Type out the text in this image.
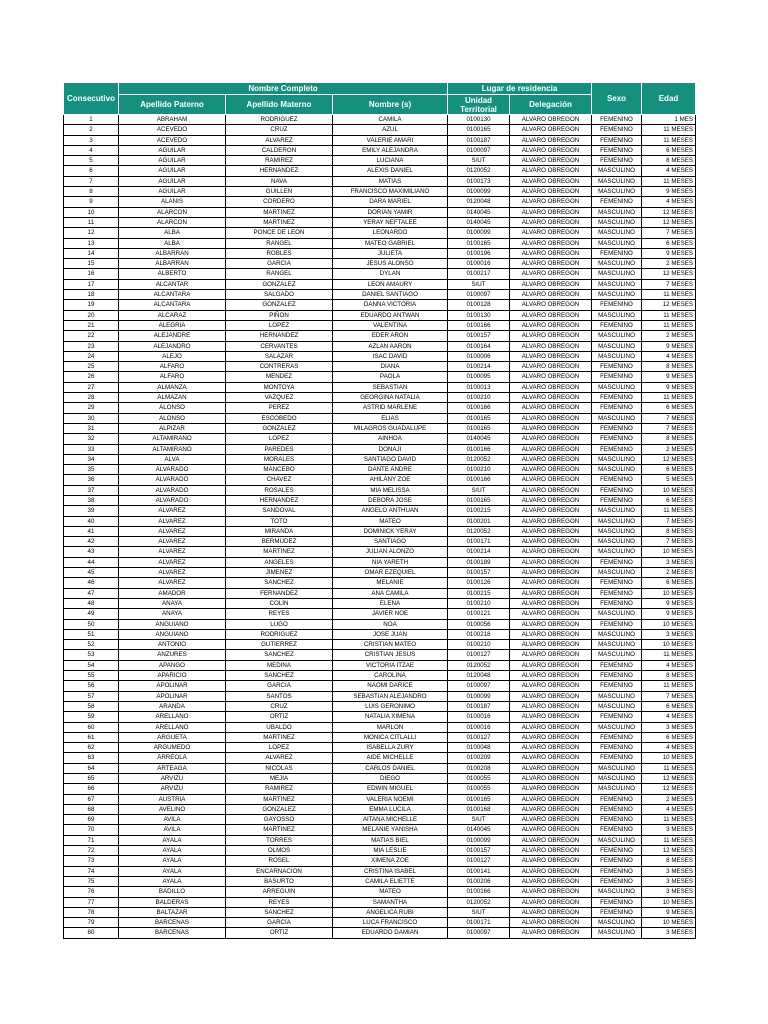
Consecutivo	Nombre Completo			Lugar de residencia		Sexo	Edad
	Apellido Paterno	Apellido Materno	Nombre (s)	Unidad Territorial	Delegación		
1	ABRAHAM	RODRIGUEZ	CAMILA	0100130	ALVARO OBREGON	FEMENINO	1 MES
2	ACEVEDO	CRUZ	AZUL	0100165	ALVARO OBREGON	FEMENINO	11 MESES
3	ACEVEDO	ALVAREZ	VALERIE AMARI	0100187	ALVARO OBREGON	FEMENINO	11 MESES
4	AGUILAR	CALDERON	EMILY ALEJANDRA	0100097	ALVARO OBREGON	FEMENINO	6 MESES
5	AGUILAR	RAMIREZ	LUCIANA	S/UT	ALVARO OBREGON	FEMENINO	8 MESES
6	AGUILAR	HERNANDEZ	ALEXIS DANIEL	0120052	ALVARO OBREGON	MASCULINO	4 MESES
7	AGUILAR	NAVA	MATIAS	0100173	ALVARO OBREGON	MASCULINO	11 MESES
8	AGUILAR	GUILLEN	FRANCISCO MAXIMILIANO	0100099	ALVARO OBREGON	MASCULINO	9 MESES
9	ALANIS	CORDERO	DARA MARIEL	0120048	ALVARO OBREGON	FEMENINO	4 MESES
10	ALARCON	MARTINEZ	DORIAN YAMIR	0140045	ALVARO OBREGON	MASCULINO	12 MESES
11	ALARCON	MARTINEZ	YERAY NEFTALEE	0140045	ALVARO OBREGON	MASCULINO	12 MESES
12	ALBA	PONCE DE LEON	LEONARDO	0100099	ALVARO OBREGON	MASCULINO	7 MESES
13	ALBA	RANGEL	MATEO GABRIEL	0100165	ALVARO OBREGON	MASCULINO	6 MESES
14	ALBARRAN	ROBLES	JULIETA	0100196	ALVARO OBREGON	FEMENINO	9 MESES
15	ALBARRAN	GARCIA	JESUS ALONSO	0100016	ALVARO OBREGON	MASCULINO	2 MESES
16	ALBERTO	RANGEL	DYLAN	0100217	ALVARO OBREGON	MASCULINO	12 MESES
17	ALCANTAR	GONZALEZ	LEON AMAURY	S/UT	ALVARO OBREGON	MASCULINO	7 MESES
18	ALCANTARA	SALGADO	DANIEL SANTIAGO	0100097	ALVARO OBREGON	MASCULINO	11 MESES
19	ALCANTARA	GONZALEZ	DANNA VICTORIA	0100128	ALVARO OBREGON	FEMENINO	12 MESES
20	ALCARAZ	PIÑON	EDUARDO ANTWAN	0100130	ALVARO OBREGON	MASCULINO	11 MESES
21	ALEGRIA	LOPEZ	VALENTINA	0100166	ALVARO OBREGON	FEMENINO	11 MESES
22	ALEJANDRE	HERNANDEZ	EDER ARON	0100157	ALVARO OBREGON	MASCULINO	2 MESES
23	ALEJANDRO	CERVANTES	AZLAN AARON	0100164	ALVARO OBREGON	MASCULINO	9 MESES
24	ALEJO	SALAZAR	ISAC DAVID	0100006	ALVARO OBREGON	MASCULINO	4 MESES
25	ALFARO	CONTRERAS	DIANA	0100214	ALVARO OBREGON	FEMENINO	8 MESES
26	ALFARO	MENDEZ	PAOLA	0100095	ALVARO OBREGON	FEMENINO	9 MESES
27	ALMANZA	MONTOYA	SEBASTIAN	0100013	ALVARO OBREGON	MASCULINO	9 MESES
28	ALMAZAN	VAZQUEZ	GEORGINA NATALIA	0100210	ALVARO OBREGON	FEMENINO	11 MESES
29	ALONSO	PEREZ	ASTRID MARLENE	0100166	ALVARO OBREGON	FEMENINO	6 MESES
30	ALONSO	ESCOBEDO	ELIAS	0100165	ALVARO OBREGON	MASCULINO	7 MESES
31	ALPIZAR	GONZALEZ	MILAGROS GUADALUPE	0100165	ALVARO OBREGON	FEMENINO	7 MESES
32	ALTAMIRANO	LOPEZ	AINHOA	0140045	ALVARO OBREGON	FEMENINO	8 MESES
33	ALTAMIRANO	PAREDES	DONAJI	0100166	ALVARO OBREGON	FEMENINO	2 MESES
34	ALVA	MORALES	SANTIAGO DAVID	0120052	ALVARO OBREGON	MASCULINO	12 MESES
35	ALVARADO	MANCEBO	DANTE ANDRE	0100210	ALVARO OBREGON	MASCULINO	6 MESES
36	ALVARADO	CHAVEZ	AHILANY ZOE	0100166	ALVARO OBREGON	FEMENINO	5 MESES
37	ALVARADO	ROSALES	MIA MELISSA	S/UT	ALVARO OBREGON	FEMENINO	10 MESES
38	ALVARADO	HERNANDEZ	DEBORA JOSE	0100165	ALVARO OBREGON	FEMENINO	6 MESES
39	ALVAREZ	SANDOVAL	ANGELO ANTHUAN	0100215	ALVARO OBREGON	MASCULINO	11 MESES
40	ALVAREZ	TOTO	MATEO	0100201	ALVARO OBREGON	MASCULINO	7 MESES
41	ALVAREZ	MIRANDA	DOMINICK YERAY	0120052	ALVARO OBREGON	MASCULINO	8 MESES
42	ALVAREZ	BERMUDEZ	SANTIAGO	0100171	ALVARO OBREGON	MASCULINO	7 MESES
43	ALVAREZ	MARTINEZ	JULIAN ALONZO	0100214	ALVARO OBREGON	MASCULINO	10 MESES
44	ALVAREZ	ANGELES	NIA YARETH	0100189	ALVARO OBREGON	FEMENINO	3 MESES
45	ALVAREZ	JIMENEZ	OMAR EZEQUIEL	0100157	ALVARO OBREGON	MASCULINO	2 MESES
46	ALVAREZ	SANCHEZ	MELANIE	0100126	ALVARO OBREGON	FEMENINO	6 MESES
47	AMADOR	FERNANDEZ	ANA CAMILA	0100215	ALVARO OBREGON	FEMENINO	10 MESES
48	ANAYA	COLIN	ELENA	0100210	ALVARO OBREGON	FEMENINO	9 MESES
49	ANAYA	REYES	JAVIER NOE	0100121	ALVARO OBREGON	MASCULINO	9 MESES
50	ANGUIANO	LUGO	NOA	0100056	ALVARO OBREGON	FEMENINO	10 MESES
51	ANGUIANO	RODRIGUEZ	JOSE JUAN	0100218	ALVARO OBREGON	MASCULINO	3 MESES
52	ANTONIO	GUTIERREZ	CRISTIAN MATEO	0100210	ALVARO OBREGON	MASCULINO	10 MESES
53	ANZURES	SANCHEZ	CRISTIAN JESUS	0100127	ALVARO OBREGON	MASCULINO	11 MESES
54	APANGO	MEDINA	VICTORIA ITZAE	0120052	ALVARO OBREGON	FEMENINO	4 MESES
55	APARICIO	SANCHEZ	CAROLINA	0120048	ALVARO OBREGON	FEMENINO	8 MESES
56	APOLINAR	GARCIA	NAOMI DARICE	0100097	ALVARO OBREGON	FEMENINO	11 MESES
57	APOLINAR	SANTOS	SEBASTIAN ALEJANDRO	0100099	ALVARO OBREGON	MASCULINO	7 MESES
58	ARANDA	CRUZ	LUIS GERONIMO	0100187	ALVARO OBREGON	MASCULINO	6 MESES
59	ARELLANO	ORTIZ	NATALIA XIMENA	0100016	ALVARO OBREGON	FEMENINO	4 MESES
60	ARELLANO	UBALDO	MARLON	0100016	ALVARO OBREGON	MASCULINO	3 MESES
61	ARGUETA	MARTINEZ	MONICA CITLALLI	0100127	ALVARO OBREGON	FEMENINO	6 MESES
62	ARGUMEDO	LOPEZ	ISABELLA ZURY	0100048	ALVARO OBREGON	FEMENINO	4 MESES
63	ARREOLA	ALVAREZ	AIDE MICHELLE	0100209	ALVARO OBREGON	FEMENINO	10 MESES
64	ARTEAGA	NICOLAS	CARLOS DANIEL	0100208	ALVARO OBREGON	MASCULINO	11 MESES
65	ARVIZU	MEJIA	DIEGO	0100055	ALVARO OBREGON	MASCULINO	12 MESES
66	ARVIZU	RAMIREZ	EDWIN MIGUEL	0100055	ALVARO OBREGON	MASCULINO	12 MESES
67	AUSTRIA	MARTINEZ	VALERIA NOEMI	0100165	ALVARO OBREGON	FEMENINO	2 MESES
68	AVELINO	GONZALEZ	EMMA LUCILA	0100168	ALVARO OBREGON	FEMENINO	4 MESES
69	AVILA	GAYOSSO	AITANA MICHELLE	S/UT	ALVARO OBREGON	FEMENINO	11 MESES
70	AVILA	MARTINEZ	MELANIE YANISHA	0140045	ALVARO OBREGON	FEMENINO	3 MESES
71	AYALA	TORRES	MATIAS BIEL	0100099	ALVARO OBREGON	MASCULINO	11 MESES
72	AYALA	OLMOS	MIA LESLIE	0100157	ALVARO OBREGON	FEMENINO	12 MESES
73	AYALA	ROSEL	XIMENA ZOE	0100127	ALVARO OBREGON	FEMENINO	8 MESES
74	AYALA	ENCARNACION	CRISTINA ISABEL	0100141	ALVARO OBREGON	FEMENINO	3 MESES
75	AYALA	BASURTO	CAMILA ELIETTE	0100206	ALVARO OBREGON	FEMENINO	3 MESES
76	BADILLO	ARREGUIN	MATEO	0100166	ALVARO OBREGON	MASCULINO	3 MESES
77	BALDERAS	REYES	SAMANTHA	0120052	ALVARO OBREGON	FEMENINO	10 MESES
78	BALTAZAR	SANCHEZ	ANGELICA RUBI	S/UT	ALVARO OBREGON	FEMENINO	9 MESES
79	BARCENAS	GARCIA	LUCA FRANCISCO	0100171	ALVARO OBREGON	MASCULINO	10 MESES
80	BARCENAS	ORTIZ	EDUARDO DAMIAN	0100097	ALVARO OBREGON	MASCULINO	3 MESES
